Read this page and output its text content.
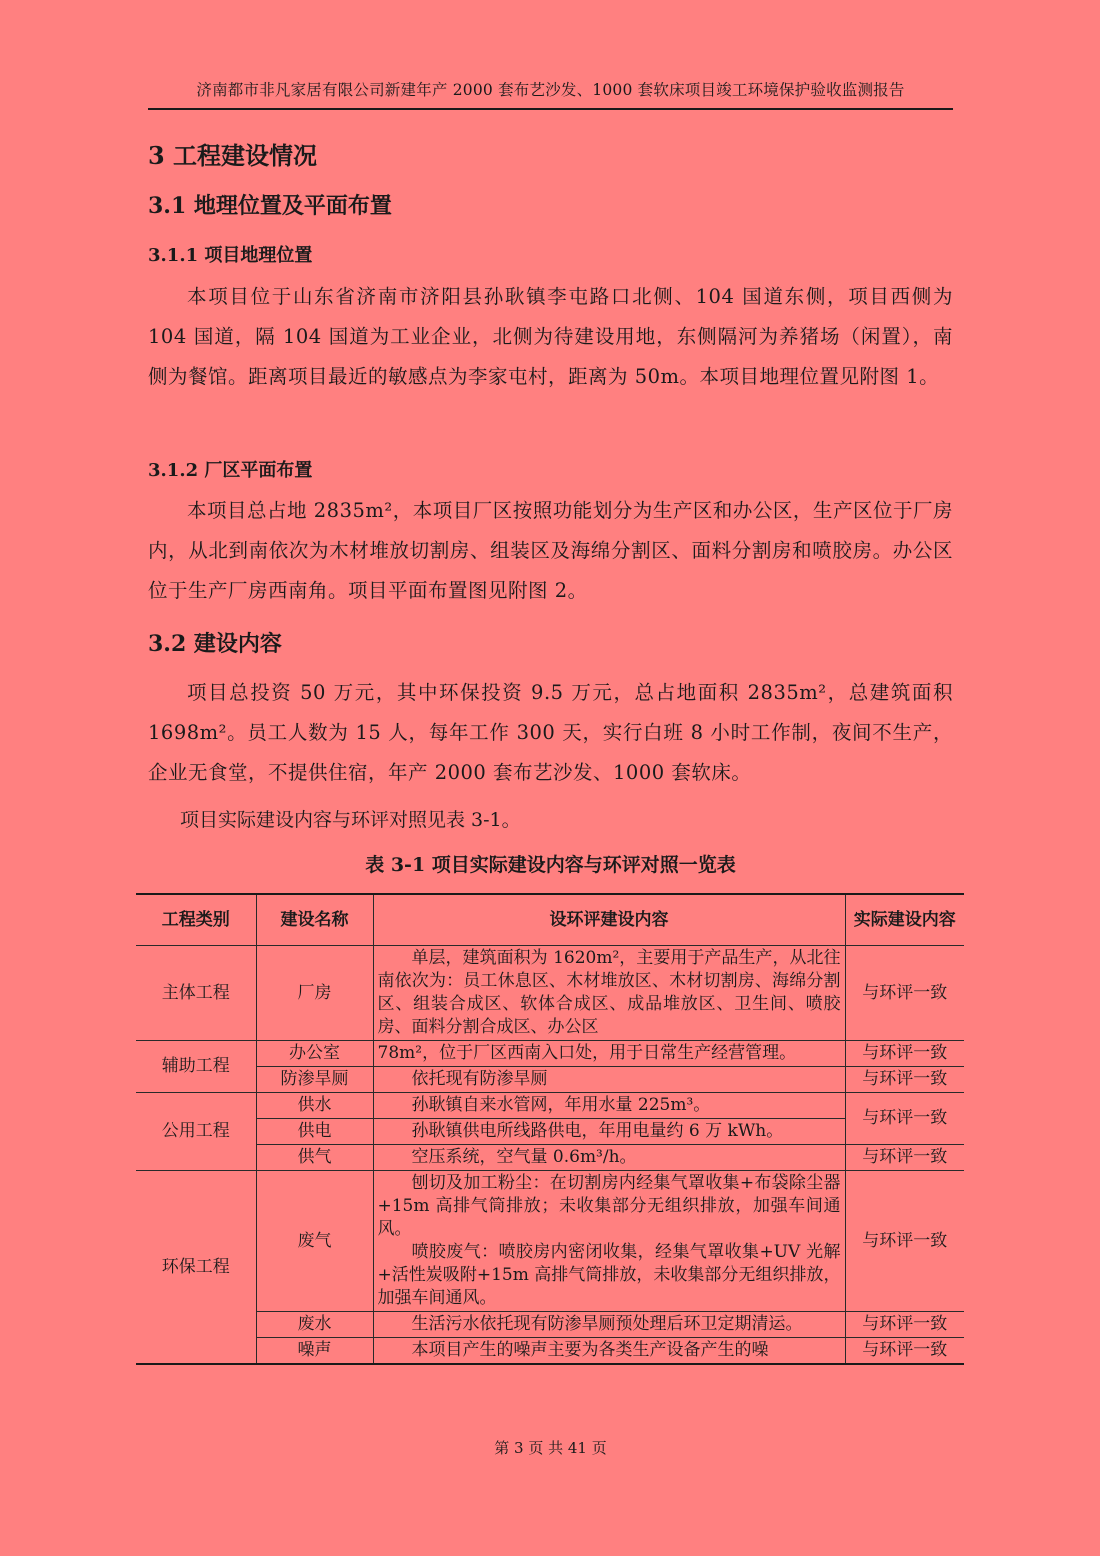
济南都市非凡家居有限公司新建年产 2000 套布艺沙发、1000 套软床项目竣工环境保护验收监测报告
3 工程建设情况
3.1 地理位置及平面布置
3.1.1 项目地理位置

本项目位于山东省济南市济阳县孙耿镇李屯路口北侧、104 国道东侧，项目西侧为 104 国道，隔 104 国道为工业企业，北侧为待建设用地，东侧隔河为养猪场（闲置），南侧为餐馆。距离项目最近的敏感点为李家屯村，距离为 50m。本项目地理位置见附图 1。

3.1.2 厂区平面布置

本项目总占地 2835m²，本项目厂区按照功能划分为生产区和办公区，生产区位于厂房内，从北到南依次为木材堆放切割房、组装区及海绵分割区、面料分割房和喷胶房。办公区位于生产厂房西南角。项目平面布置图见附图 2。

3.2 建设内容

项目总投资 50 万元，其中环保投资 9.5 万元，总占地面积 2835m²，总建筑面积 1698m²。员工人数为 15 人，每年工作 300 天，实行白班 8 小时工作制，夜间不生产，企业无食堂，不提供住宿，年产 2000 套布艺沙发、1000 套软床。

项目实际建设内容与环评对照见表 3-1。

表 3-1 项目实际建设内容与环评对照一览表
工程类别	建设名称	设环评建设内容	实际建设内容
主体工程	厂房	单层，建筑面积为 1620m²，主要用于产品生产，从北往南依次为：员工休息区、木材堆放区、木材切割房、海绵分割区、组装合成区、软体合成区、成品堆放区、卫生间、喷胶房、面料分割合成区、办公区	与环评一致
辅助工程	办公室	78m²，位于厂区西南入口处，用于日常生产经营管理。	与环评一致
	防渗旱厕	依托现有防渗旱厕	与环评一致
公用工程	供水	孙耿镇自来水管网，年用水量 225m³。	与环评一致
	供电	孙耿镇供电所线路供电，年用电量约 6 万 kWh。	
	供气	空压系统，空气量 0.6m³/h。	与环评一致
环保工程	废气	刨切及加工粉尘：在切割房内经集气罩收集+布袋除尘器+15m 高排气筒排放；未收集部分无组织排放，加强车间通风。
喷胶废气：喷胶房内密闭收集，经集气罩收集+UV 光解+活性炭吸附+15m 高排气筒排放，未收集部分无组织排放，加强车间通风。	与环评一致
	废水	生活污水依托现有防渗旱厕预处理后环卫定期清运。	与环评一致
	噪声	本项目产生的噪声主要为各类生产设备产生的噪	与环评一致
第 3 页 共 41 页
